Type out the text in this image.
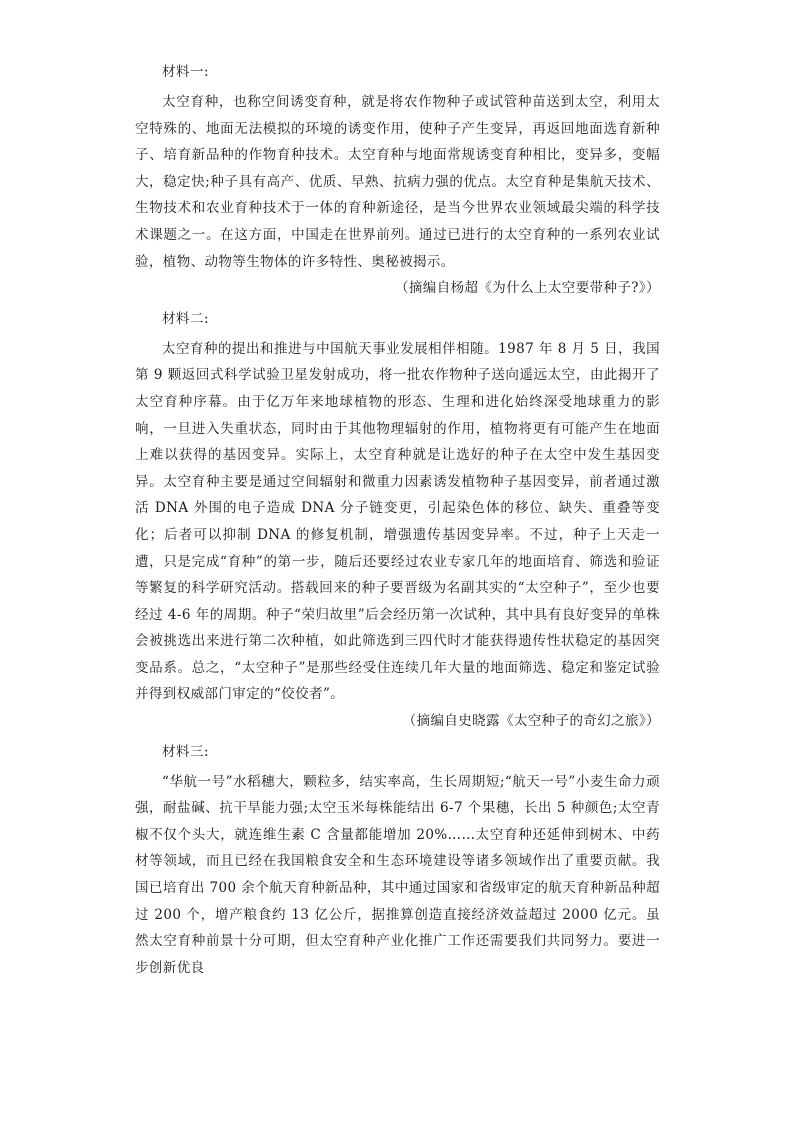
材料一:

太空育种，也称空间诱变育种，就是将农作物种子或试管种苗送到太空，利用太空特殊的、地面无法模拟的环境的诱变作用，使种子产生变异，再返回地面选育新种子、培育新品种的作物育种技术。太空育种与地面常规诱变育种相比，变异多，变幅大，稳定快;种子具有高产、优质、早熟、抗病力强的优点。太空育种是集航天技术、生物技术和农业育种技术于一体的育种新途径，是当今世界农业领域最尖端的科学技术课题之一。在这方面，中国走在世界前列。通过已进行的太空育种的一系列农业试验，植物、动物等生物体的许多特性、奥秘被揭示。

（摘编自杨超《为什么上太空要带种子?》）
材料二:

太空育种的提出和推进与中国航天事业发展相伴相随。1987 年 8 月 5 日，我国第 9 颗返回式科学试验卫星发射成功，将一批农作物种子送向遥远太空，由此揭开了太空育种序幕。由于亿万年来地球植物的形态、生理和进化始终深受地球重力的影响，一旦进入失重状态，同时由于其他物理辐射的作用，植物将更有可能产生在地面上难以获得的基因变异。实际上，太空育种就是让选好的种子在太空中发生基因变异。太空育种主要是通过空间辐射和微重力因素诱发植物种子基因变异，前者通过激活 DNA 外围的电子造成 DNA 分子链变更，引起染色体的移位、缺失、重叠等变化；后者可以抑制 DNA 的修复机制，增强遗传基因变异率。不过，种子上天走一遭，只是完成“育种”的第一步，随后还要经过农业专家几年的地面培育、筛选和验证等繁复的科学研究活动。搭载回来的种子要晋级为名副其实的“太空种子”，至少也要经过 4-6 年的周期。种子“荣归故里”后会经历第一次试种，其中具有良好变异的单株会被挑选出来进行第二次种植，如此筛选到三四代时才能获得遗传性状稳定的基因突变品系。总之，“太空种子”是那些经受住连续几年大量的地面筛选、稳定和鉴定试验并得到权威部门审定的“佼佼者”。

（摘编自史晓露《太空种子的奇幻之旅》）
材料三:

“华航一号”水稻穗大，颗粒多，结实率高，生长周期短;“航天一号”小麦生命力顽强，耐盐碱、抗干旱能力强;太空玉米每株能结出 6-7 个果穗，长出 5 种颜色;太空青椒不仅个头大，就连维生素 C 含量都能增加 20%……太空育种还延伸到树木、中药材等领域，而且已经在我国粮食安全和生态环境建设等诸多领域作出了重要贡献。我国已培育出 700 余个航天育种新品种，其中通过国家和省级审定的航天育种新品种超过 200 个，增产粮食约 13 亿公斤，据推算创造直接经济效益超过 2000 亿元。虽然太空育种前景十分可期，但太空育种产业化推广工作还需要我们共同努力。要进一步创新优良
